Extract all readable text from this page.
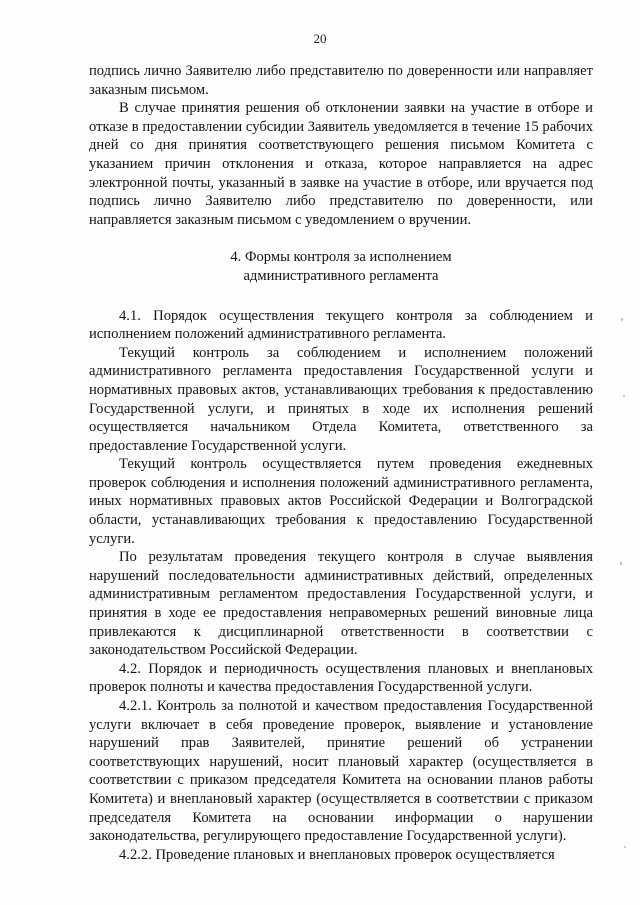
20

подпись лично Заявителю либо представителю по доверенности или направляет заказным письмом.

В случае принятия решения об отклонении заявки на участие в отборе и отказе в предоставлении субсидии Заявитель уведомляется в течение 15 рабочих дней со дня принятия соответствующего решения письмом Комитета с указанием причин отклонения и отказа, которое направляется на адрес электронной почты, указанный в заявке на участие в отборе, или вручается под подпись лично Заявителю либо представителю по доверенности, или направляется заказным письмом с уведомлением о вручении.

4. Формы контроля за исполнением
административного регламента

4.1. Порядок осуществления текущего контроля за соблюдением и исполнением положений административного регламента.

Текущий контроль за соблюдением и исполнением положений административного регламента предоставления Государственной услуги и нормативных правовых актов, устанавливающих требования к предоставлению Государственной услуги, и принятых в ходе их исполнения решений осуществляется начальником Отдела Комитета, ответственного за предоставление Государственной услуги.

Текущий контроль осуществляется путем проведения ежедневных проверок соблюдения и исполнения положений административного регламента, иных нормативных правовых актов Российской Федерации и Волгоградской области, устанавливающих требования к предоставлению Государственной услуги.

По результатам проведения текущего контроля в случае выявления нарушений последовательности административных действий, определенных административным регламентом предоставления Государственной услуги, и принятия в ходе ее предоставления неправомерных решений виновные лица привлекаются к дисциплинарной ответственности в соответствии с законодательством Российской Федерации.

4.2. Порядок и периодичность осуществления плановых и внеплановых проверок полноты и качества предоставления Государственной услуги.

4.2.1. Контроль за полнотой и качеством предоставления Государственной услуги включает в себя проведение проверок, выявление и установление нарушений прав Заявителей, принятие решений об устранении соответствующих нарушений, носит плановый характер (осуществляется в соответствии с приказом председателя Комитета на основании планов работы Комитета) и внеплановый характер (осуществляется в соответствии с приказом председателя Комитета на основании информации о нарушении законодательства, регулирующего предоставление Государственной услуги).

4.2.2. Проведение плановых и внеплановых проверок осуществляется
